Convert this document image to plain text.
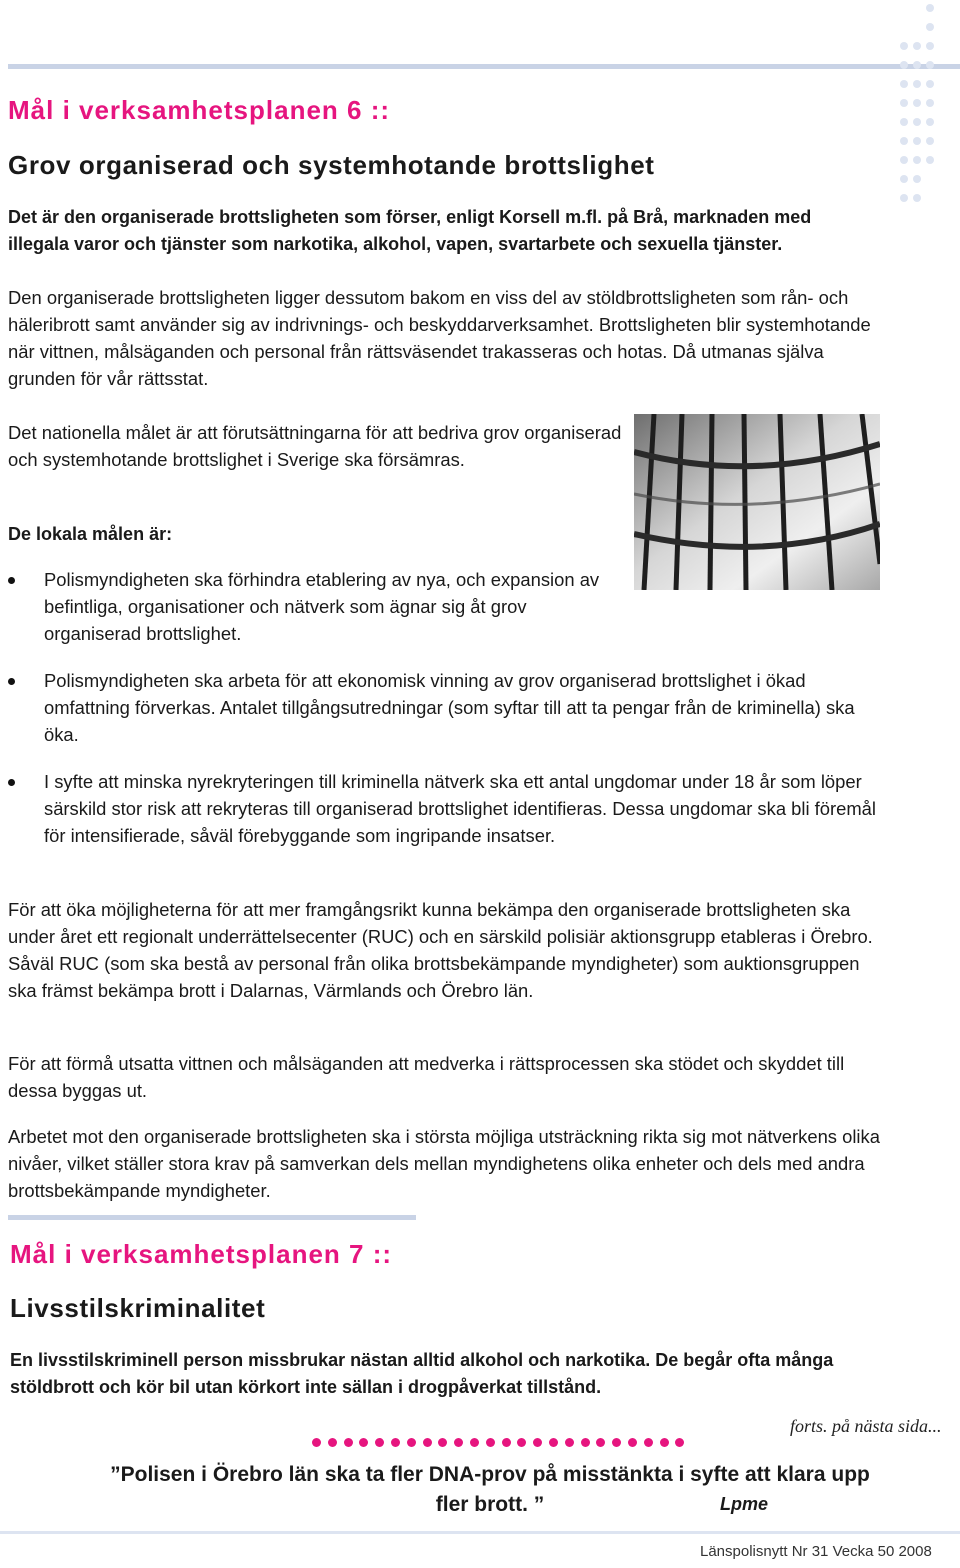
Mål i verksamhetsplanen 6 ::
Grov organiserad och systemhotande brottslighet
Det är den organiserade brottsligheten som förser, enligt Korsell m.fl. på Brå, marknaden med illegala varor och tjänster som narkotika, alkohol, vapen, svartarbete och sexuella tjänster.
Den organiserade brottsligheten ligger dessutom bakom en viss del av stöldbrottsligheten som rån- och häleribrott samt använder sig av indrivnings- och beskyddarverksamhet. Brottsligheten blir systemhotande när vittnen, målsäganden och personal från rättsväsendet trakasseras och hotas. Då utmanas själva grunden för vår rättsstat.
Det nationella målet är att förutsättningarna för att bedriva grov organiserad och systemhotande brottslighet i Sverige ska försämras.
De lokala målen är:
Polismyndigheten ska förhindra etablering av nya, och expansion av befintliga, organisationer och nätverk som ägnar sig åt grov organiserad brottslighet.
Polismyndigheten ska arbeta för att ekonomisk vinning av grov organiserad brottslighet i ökad omfattning förverkas. Antalet tillgångsutredningar (som syftar till att ta pengar från de kriminella) ska öka.
I syfte att minska nyrekryteringen till kriminella nätverk ska ett antal ungdomar under 18 år som löper särskild stor risk att rekryteras till organiserad brottslighet identifieras. Dessa ungdomar ska bli föremål för intensifierade, såväl förebyggande som ingripande insatser.
För att öka möjligheterna för att mer framgångsrikt kunna bekämpa den organiserade brottsligheten ska under året ett regionalt underrättelsecenter (RUC) och en särskild polisiär aktionsgrupp etableras i Örebro. Såväl RUC (som ska bestå av personal från olika brottsbekämpande myndigheter) som auktionsgruppen ska främst bekämpa brott i Dalarnas, Värmlands och Örebro län.
För att förmå utsatta vittnen och målsäganden att medverka i rättsprocessen ska stödet och skyddet till dessa byggas ut.
Arbetet mot den organiserade brottsligheten ska i största möjliga utsträckning rikta sig mot nätverkens olika nivåer, vilket ställer stora krav på samverkan dels mellan myndighetens olika enheter och dels med andra brottsbekämpande myndigheter.
Mål i verksamhetsplanen 7 ::
Livsstilskriminalitet
En livsstilskriminell person missbrukar nästan alltid alkohol och narkotika. De begår ofta många stöldbrott och kör bil utan körkort inte sällan i drogpåverkat tillstånd.
forts. på nästa sida...
”Polisen i Örebro län ska ta fler DNA-prov på misstänkta i syfte att klara upp fler brott. ”	Lpme
Länspolisnytt Nr 31 Vecka 50 2008
